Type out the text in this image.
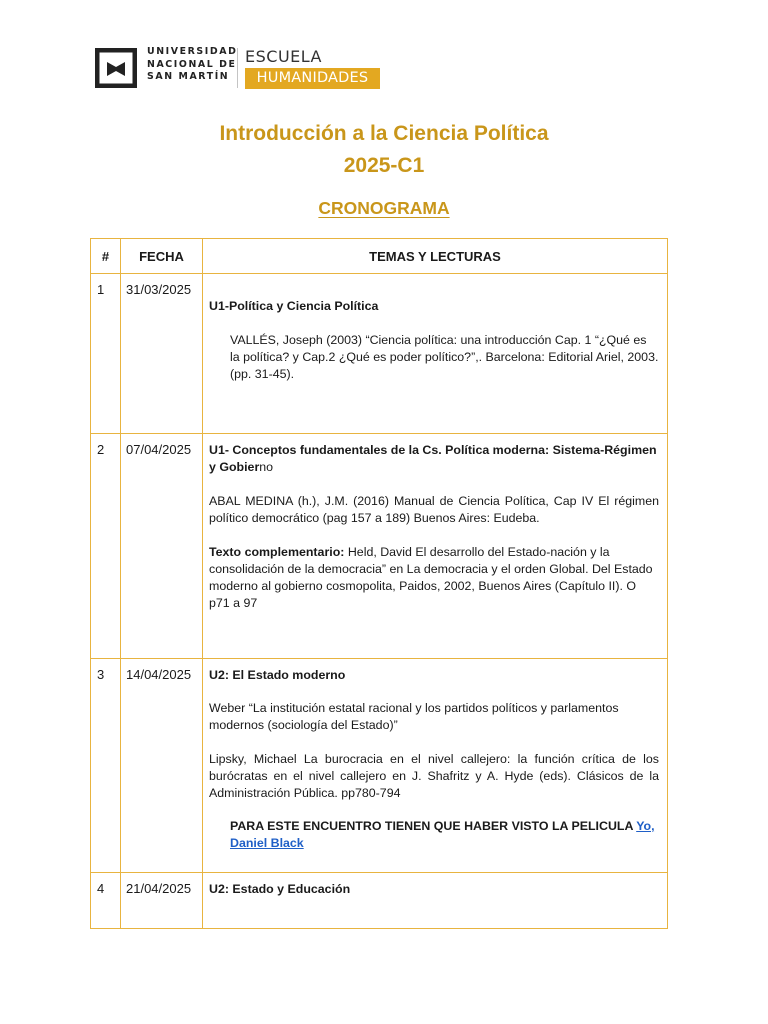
UNIVERSIDAD
NACIONAL DE
SAN MARTÍN
ESCUELA
HUMANIDADES
Introducción a la Ciencia Política
2025-C1
CRONOGRAMA
#	FECHA	TEMAS Y LECTURAS
1	31/03/2025	U1-Política y Ciencia Política

VALLÉS, Joseph (2003) “Ciencia política: una introducción Cap. 1 “¿Qué es la política? y Cap.2 ¿Qué es poder político?”,. Barcelona: Editorial Ariel, 2003. (pp. 31-45).

2	07/04/2025	U1- Conceptos fundamentales de la Cs. Política moderna: Sistema-Régimen y Gobierno

ABAL MEDINA (h.), J.M. (2016) Manual de Ciencia Política, Cap IV El régimen político democrático (pag 157 a 189) Buenos Aires: Eudeba.

Texto complementario: Held, David El desarrollo del Estado-nación y la consolidación de la democracia” en La democracia y el orden Global. Del Estado moderno al gobierno cosmopolita, Paidos, 2002, Buenos Aires (Capítulo II). O p71 a 97

3	14/04/2025	U2: El Estado moderno

Weber “La institución estatal racional y los partidos políticos y parlamentos modernos (sociología del Estado)”

Lipsky, Michael La burocracia en el nivel callejero: la función crítica de los burócratas en el nivel callejero en J. Shafritz y A. Hyde (eds). Clásicos de la Administración Pública. pp780-794

PARA ESTE ENCUENTRO TIENEN QUE HABER VISTO LA PELICULA Yo, Daniel Black

4	21/04/2025	U2: Estado y Educación
